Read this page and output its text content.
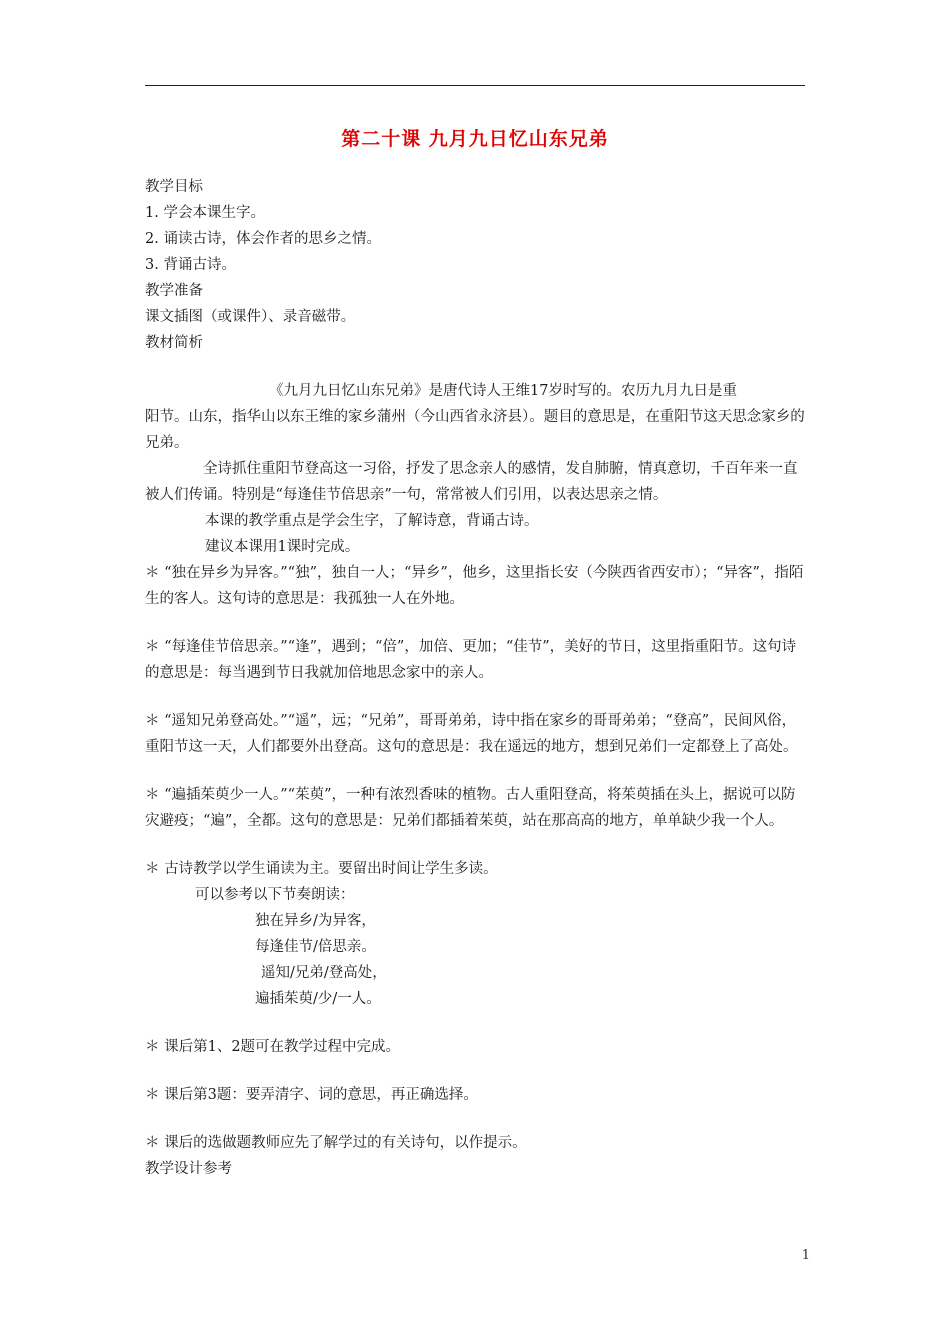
第二十课 九月九日忆山东兄弟

教学目标

1. 学会本课生字。

2. 诵读古诗，体会作者的思乡之情。

3. 背诵古诗。

教学准备

课文插图（或课件）、录音磁带。

教材简析

《九月九日忆山东兄弟》是唐代诗人王维17岁时写的。农历九月九日是重

阳节。山东，指华山以东王维的家乡蒲州（今山西省永济县）。题目的意思是，在重阳节这天思念家乡的兄弟。

全诗抓住重阳节登高这一习俗，抒发了思念亲人的感情，发自肺腑，情真意切，千百年来一直被人们传诵。特别是“每逢佳节倍思亲”一句，常常被人们引用，以表达思亲之情。

本课的教学重点是学会生字，了解诗意，背诵古诗。

建议本课用1课时完成。

＊ “独在异乡为异客。”“独”，独自一人；“异乡”，他乡，这里指长安（今陕西省西安市）；“异客”，指陌生的客人。这句诗的意思是：我孤独一人在外地。

＊ “每逢佳节倍思亲。”“逢”，遇到；“倍”，加倍、更加；“佳节”，美好的节日，这里指重阳节。这句诗的意思是：每当遇到节日我就加倍地思念家中的亲人。

＊ “遥知兄弟登高处。”“遥”，远；“兄弟”，哥哥弟弟，诗中指在家乡的哥哥弟弟；“登高”，民间风俗，重阳节这一天，人们都要外出登高。这句的意思是：我在遥远的地方，想到兄弟们一定都登上了高处。

＊ “遍插茱萸少一人。”“茱萸”，一种有浓烈香味的植物。古人重阳登高，将茱萸插在头上，据说可以防灾避疫；“遍”，全都。这句的意思是：兄弟们都插着茱萸，站在那高高的地方，单单缺少我一个人。

＊ 古诗教学以学生诵读为主。要留出时间让学生多读。

可以参考以下节奏朗读：

独在异乡/为异客，

每逢佳节/倍思亲。

遥知/兄弟/登高处，

遍插茱萸/少/一人。

＊ 课后第1、2题可在教学过程中完成。

＊ 课后第3题：要弄清字、词的意思，再正确选择。

＊ 课后的选做题教师应先了解学过的有关诗句，以作提示。

教学设计参考

1
